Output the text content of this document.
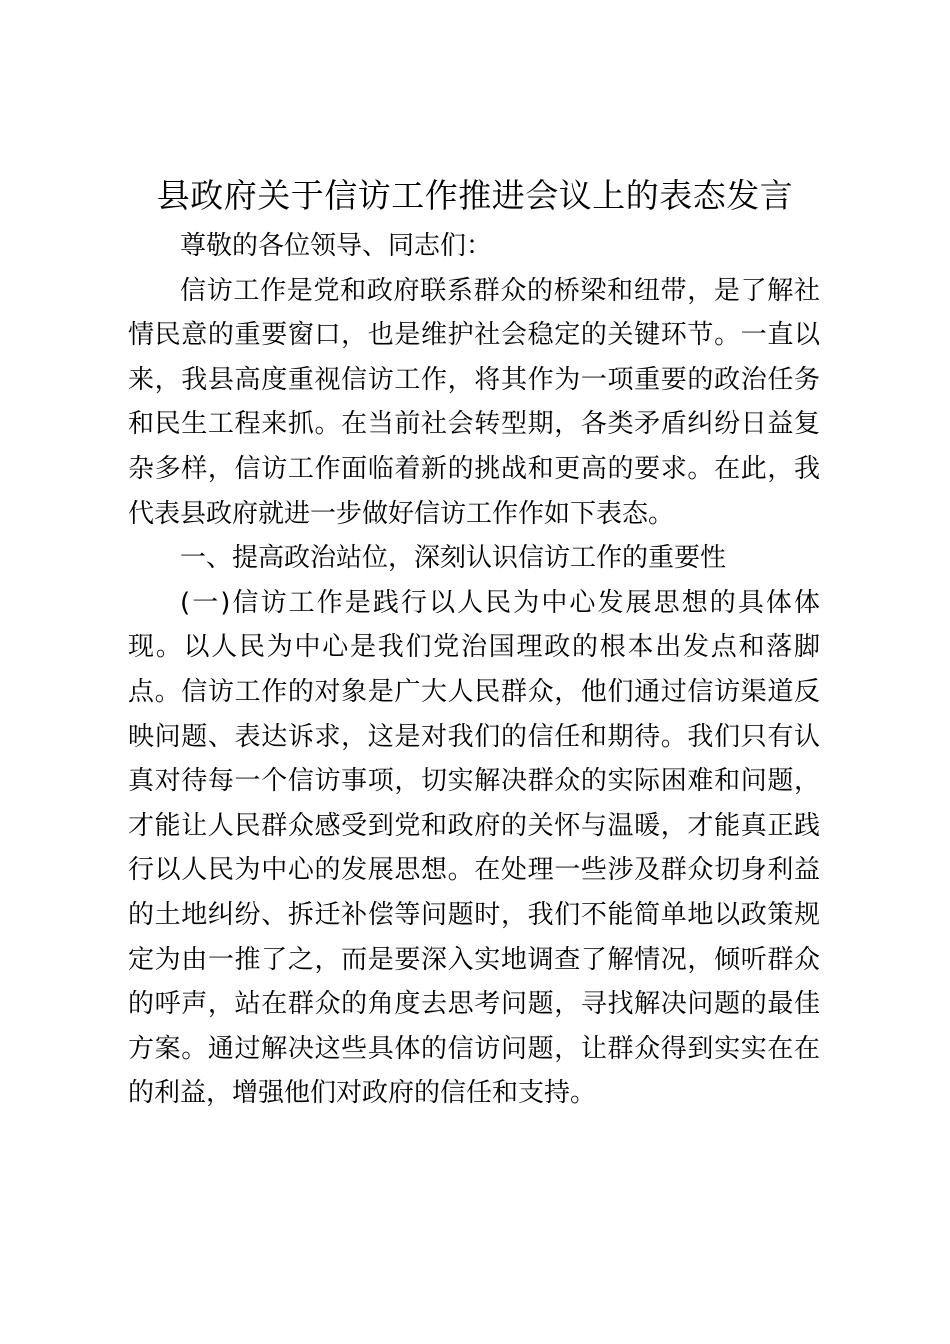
县政府关于信访工作推进会议上的表态发言

尊敬的各位领导、同志们：

信访工作是党和政府联系群众的桥梁和纽带，是了解社情民意的重要窗口，也是维护社会稳定的关键环节。一直以来，我县高度重视信访工作，将其作为一项重要的政治任务和民生工程来抓。在当前社会转型期，各类矛盾纠纷日益复杂多样，信访工作面临着新的挑战和更高的要求。在此，我代表县政府就进一步做好信访工作作如下表态。

一、提高政治站位，深刻认识信访工作的重要性

(一)信访工作是践行以人民为中心发展思想的具体体现。以人民为中心是我们党治国理政的根本出发点和落脚点。信访工作的对象是广大人民群众，他们通过信访渠道反映问题、表达诉求，这是对我们的信任和期待。我们只有认真对待每一个信访事项，切实解决群众的实际困难和问题，才能让人民群众感受到党和政府的关怀与温暖，才能真正践行以人民为中心的发展思想。在处理一些涉及群众切身利益的土地纠纷、拆迁补偿等问题时，我们不能简单地以政策规定为由一推了之，而是要深入实地调查了解情况，倾听群众的呼声，站在群众的角度去思考问题，寻找解决问题的最佳方案。通过解决这些具体的信访问题，让群众得到实实在在的利益，增强他们对政府的信任和支持。
